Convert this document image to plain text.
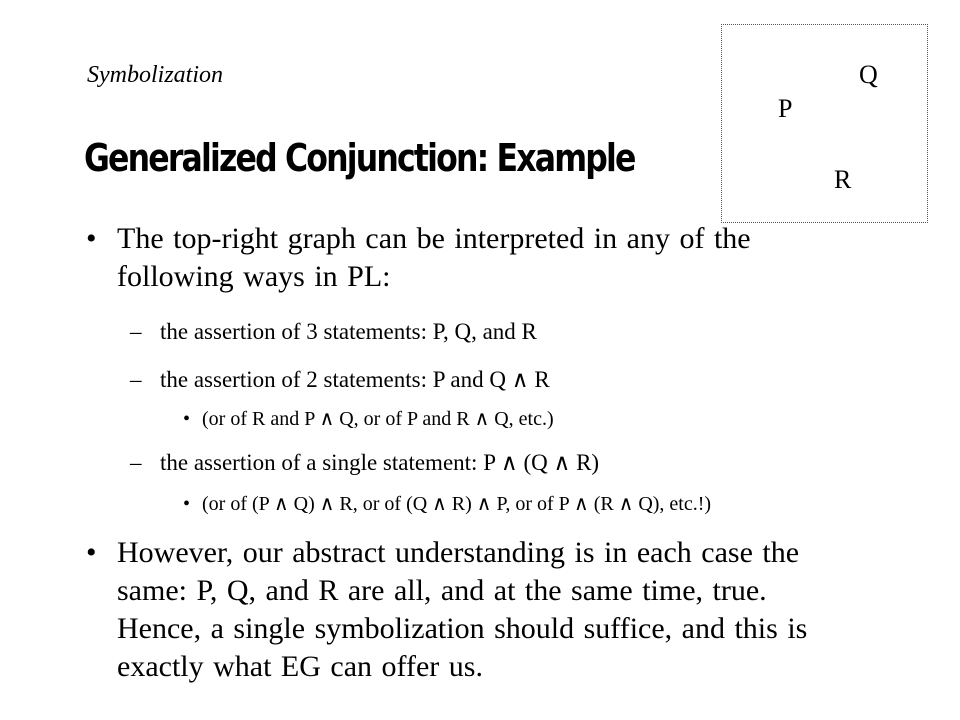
Symbolization
Generalized Conjunction: Example
Q
P
R
• The top-right graph can be interpreted in any of the following ways in PL:
– the assertion of 3 statements: P, Q, and R
– the assertion of 2 statements: P and Q ∧ R
• (or of R and P ∧ Q, or of P and R ∧ Q, etc.)
– the assertion of a single statement: P ∧ (Q ∧ R)
• (or of (P ∧ Q) ∧ R, or of (Q ∧ R) ∧ P, or of P ∧ (R ∧ Q), etc.!)
• However, our abstract understanding is in each case the same: P, Q, and R are all, and at the same time, true. Hence, a single symbolization should suffice, and this is exactly what EG can offer us.
